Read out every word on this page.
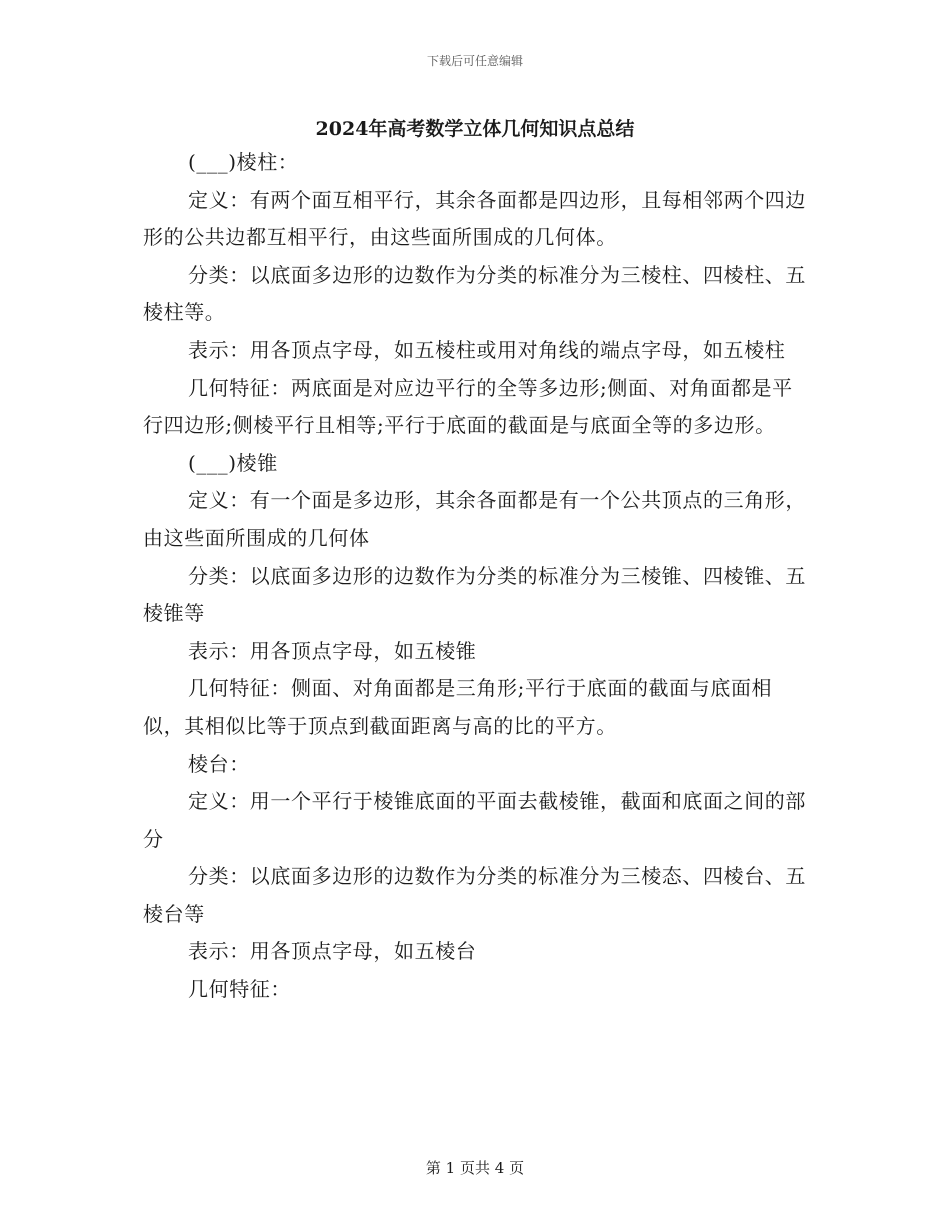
下载后可任意编辑
2024年高考数学立体几何知识点总结

(___)棱柱：

定义：有两个面互相平行，其余各面都是四边形，且每相邻两个四边形的公共边都互相平行，由这些面所围成的几何体。

分类：以底面多边形的边数作为分类的标准分为三棱柱、四棱柱、五棱柱等。

表示：用各顶点字母，如五棱柱或用对角线的端点字母，如五棱柱

几何特征：两底面是对应边平行的全等多边形;侧面、对角面都是平行四边形;侧棱平行且相等;平行于底面的截面是与底面全等的多边形。

(___)棱锥

定义：有一个面是多边形，其余各面都是有一个公共顶点的三角形，由这些面所围成的几何体

分类：以底面多边形的边数作为分类的标准分为三棱锥、四棱锥、五棱锥等

表示：用各顶点字母，如五棱锥

几何特征：侧面、对角面都是三角形;平行于底面的截面与底面相似，其相似比等于顶点到截面距离与高的比的平方。

棱台：

定义：用一个平行于棱锥底面的平面去截棱锥，截面和底面之间的部分

分类：以底面多边形的边数作为分类的标准分为三棱态、四棱台、五棱台等

表示：用各顶点字母，如五棱台

几何特征：

第 1 页共 4 页
